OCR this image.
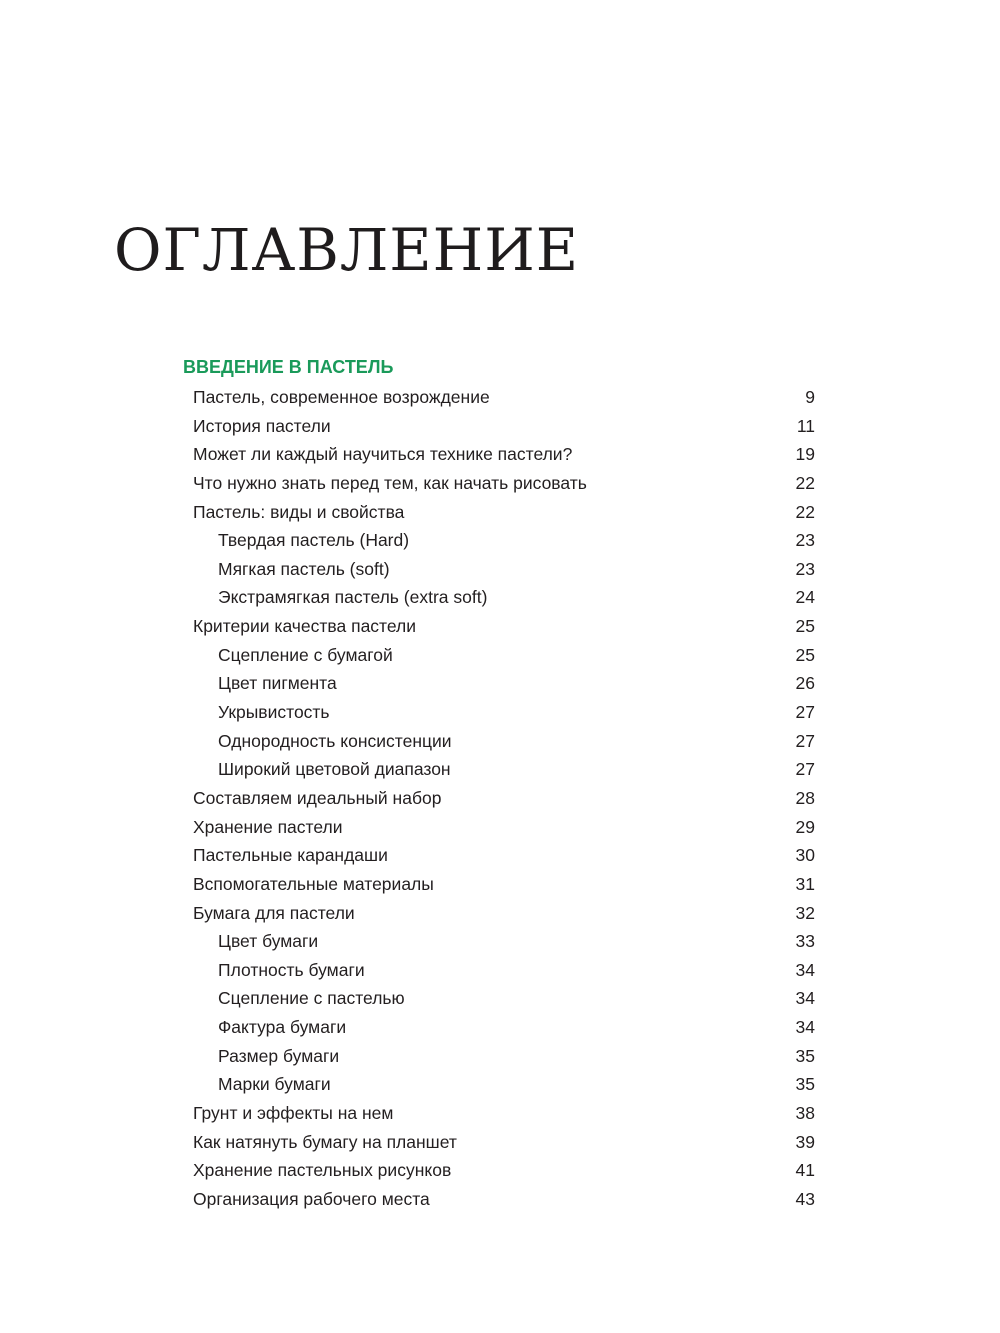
ОГЛАВЛЕНИЕ
ВВЕДЕНИЕ В ПАСТЕЛЬ
Пастель, современное возрождение	9
История пастели	11
Может ли каждый научиться технике пастели?	19
Что нужно знать перед тем, как начать рисовать	22
Пастель: виды и свойства	22
Твердая пастель (Hard)	23
Мягкая пастель (soft)	23
Экстрамягкая пастель (extra soft)	24
Критерии качества пастели	25
Сцепление с бумагой	25
Цвет пигмента	26
Укрывистость	27
Однородность консистенции	27
Широкий цветовой диапазон	27
Составляем идеальный набор	28
Хранение пастели	29
Пастельные карандаши	30
Вспомогательные материалы	31
Бумага для пастели	32
Цвет бумаги	33
Плотность бумаги	34
Сцепление с пастелью	34
Фактура бумаги	34
Размер бумаги	35
Марки бумаги	35
Грунт и эффекты на нем	38
Как натянуть бумагу на планшет	39
Хранение пастельных рисунков	41
Организация рабочего места	43
